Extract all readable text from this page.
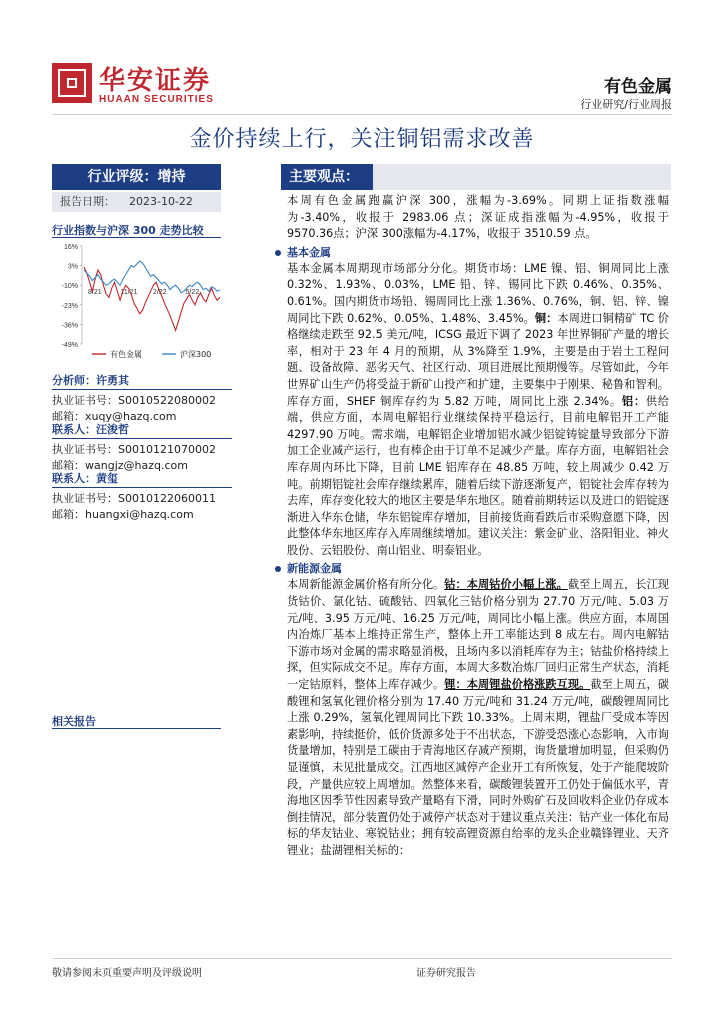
华安证券
HUAAN SECURITIES
有色金属
行业研究/行业周报
金价持续上行，关注铜铝需求改善
行业评级：增持
报告日期： 2023-10-22
行业指数与沪深 300 走势比较
16%
3%
-10%
-23%
-36%
-49%
8/21	11/21 2/22	5/22
有色金属	沪深300
分析师：许勇其
执业证书号：S0010522080002
邮箱：xuqy@hazq.com
联系人：汪浚哲
执业证书号：S0010121070002
邮箱：wangjz@hazq.com
联系人：黄玺
执业证书号：S0010122060011
邮箱：huangxi@hazq.com
相关报告
主要观点：

本周有色金属跑赢沪深 300，涨幅为-3.69%。同期上证指数涨幅为-3.40%，收报于 2983.06 点；深证成指涨幅为-4.95%，收报于 9570.36点；沪深 300涨幅为-4.17%，收报于 3510.59 点。

基本金属

基本金属本周期现市场部分分化。期货市场：LME 镍、铝、铜周同比上涨 0.32%、1.93%、0.03%，LME 铅、锌、锡同比下跌 0.46%、0.35%、0.61%。国内期货市场铅、锡周同比上涨 1.36%、0.76%，铜、铝、锌、镍周同比下跌 0.62%、0.05%、1.48%、3.45%。铜：本周进口铜精矿 TC 价格继续走跌至 92.5 美元/吨，ICSG 最近下调了 2023 年世界铜矿产量的增长率，相对于 23 年 4 月的预期，从 3%降至 1.9%，主要是由于岩土工程问题、设备故障、恶劣天气、社区行动、项目进展比预期慢等。尽管如此，今年世界矿山生产仍将受益于新矿山投产和扩建，主要集中于刚果、秘鲁和智利。库存方面，SHEF 铜库存约为 5.82 万吨，周同比上涨 2.34%。铝：供给端，供应方面，本周电解铝行业继续保持平稳运行，目前电解铝开工产能 4297.90 万吨。需求端，电解铝企业增加铝水减少铝锭铸锭量导致部分下游加工企业减产运行，也有棒企由于订单不足减少产量。库存方面，电解铝社会库存周内环比下降，目前 LME 铝库存在 48.85 万吨，较上周减少 0.42 万吨。前期铝锭社会库存继续累库，随着后续下游逐渐复产，铝锭社会库存转为去库，库存变化较大的地区主要是华东地区。随着前期转运以及进口的铝锭逐渐进入华东仓储，华东铝锭库存增加，目前接货商看跌后市采购意愿下降，因此整体华东地区库存入库周继续增加。建议关注：紫金矿业、洛阳钼业、神火股份、云铝股份、南山铝业、明泰铝业。

新能源金属

本周新能源金属价格有所分化。钴：本周钴价小幅上涨。截至上周五，长江现货钴价、氯化钴、硫酸钴、四氧化三钴价格分别为 27.70 万元/吨、5.03 万元/吨、3.95 万元/吨、16.25 万元/吨，周同比小幅上涨。供应方面，本周国内冶炼厂基本上维持正常生产，整体上开工率能达到 8 成左右。周内电解钴下游市场对金属的需求略显消极，且场内多以消耗库存为主；钴盐价格持续上探，但实际成交不足。库存方面，本周大多数冶炼厂回归正常生产状态，消耗一定钴原料，整体上库存减少。锂：本周锂盐价格涨跌互现。截至上周五，碳酸锂和氢氧化锂价格分别为 17.40 万元/吨和 31.24 万元/吨，碳酸锂周同比上涨 0.29%，氢氧化锂周同比下跌 10.33%。上周末期，锂盐厂受成本等因素影响，持续挺价，低价货源多处于不出状态，下游受恐涨心态影响，入市询货量增加，特别是工碳由于青海地区存减产预期，询货量增加明显，但采购仍显谨慎，未见批量成交。江西地区减停产企业开工有所恢复，处于产能爬坡阶段，产量供应较上周增加。然整体来看，碳酸锂装置开工仍处于偏低水平，青海地区因季节性因素导致产量略有下滑，同时外购矿石及回收料企业仍存成本倒挂情况，部分装置仍处于减停产状态对于建议重点关注：钴产业一体化布局标的华友钴业、寒锐钴业；拥有较高锂资源自给率的龙头企业赣锋锂业、天齐锂业；盐湖锂相关标的：

敬请参阅末页重要声明及评级说明	证券研究报告
